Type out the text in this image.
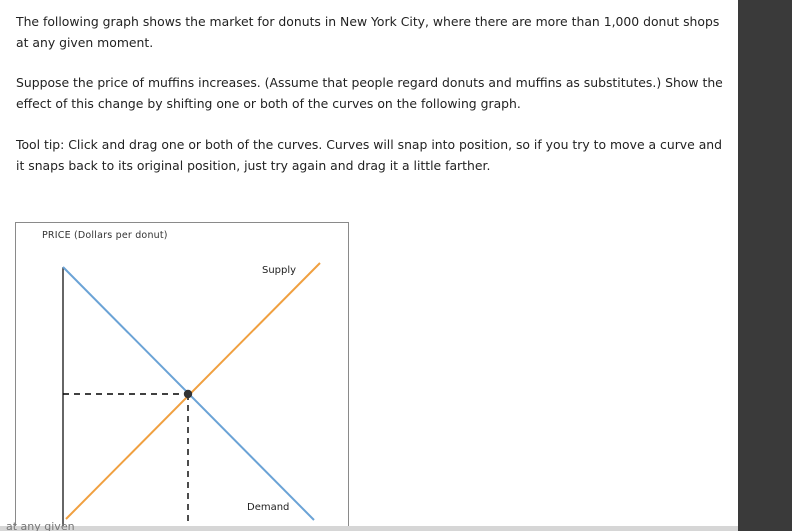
The following graph shows the market for donuts in New York City, where there are more than 1,000 donut shops at any given moment.

Suppose the price of muffins increases. (Assume that people regard donuts and muffins as substitutes.) Show the effect of this change by shifting one or both of the curves on the following graph.

Tool tip: Click and drag one or both of the curves. Curves will snap into position, so if you try to move a curve and it snaps back to its original position, just try again and drag it a little farther.

PRICE (Dollars per donut)
Supply
Demand
at any given
